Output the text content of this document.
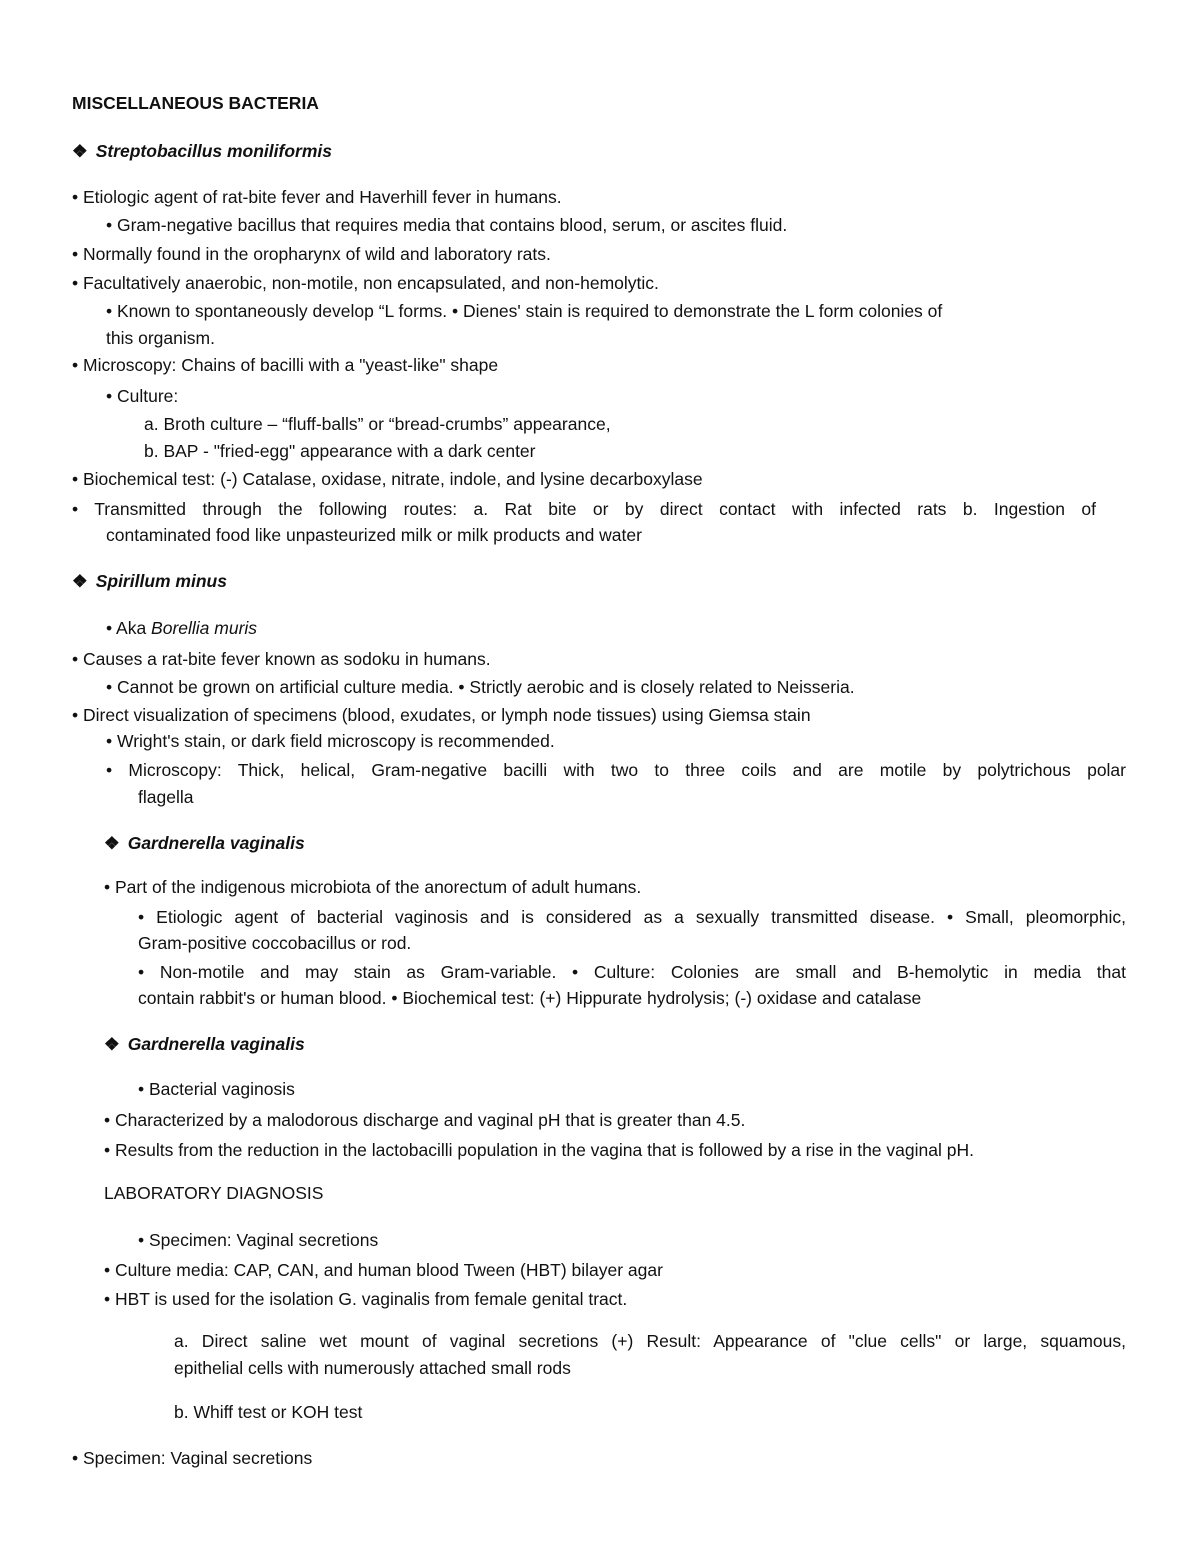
MISCELLANEOUS BACTERIA
❖ Streptobacillus moniliformis
• Etiologic agent of rat-bite fever and Haverhill fever in humans.
• Gram-negative bacillus that requires media that contains blood, serum, or ascites fluid.
• Normally found in the oropharynx of wild and laboratory rats.
• Facultatively anaerobic, non-motile, non encapsulated, and non-hemolytic.
• Known to spontaneously develop “L forms. • Dienes' stain is required to demonstrate the L form colonies of
this organism.
• Microscopy: Chains of bacilli with a "yeast-like" shape
• Culture:
a. Broth culture – “fluff-balls” or “bread-crumbs” appearance,
b. BAP - "fried-egg" appearance with a dark center
• Biochemical test: (-) Catalase, oxidase, nitrate, indole, and lysine decarboxylase
• Transmitted through the following routes: a. Rat bite or by direct contact with infected rats b. Ingestion of
contaminated food like unpasteurized milk or milk products and water
❖ Spirillum minus
• Aka Borellia muris
• Causes a rat-bite fever known as sodoku in humans.
• Cannot be grown on artificial culture media. • Strictly aerobic and is closely related to Neisseria.
• Direct visualization of specimens (blood, exudates, or lymph node tissues) using Giemsa stain
• Wright's stain, or dark field microscopy is recommended.
• Microscopy: Thick, helical, Gram-negative bacilli with two to three coils and are motile by polytrichous polar
flagella
❖ Gardnerella vaginalis
• Part of the indigenous microbiota of the anorectum of adult humans.
• Etiologic agent of bacterial vaginosis and is considered as a sexually transmitted disease. • Small, pleomorphic,
Gram-positive coccobacillus or rod.
• Non-motile and may stain as Gram-variable. • Culture: Colonies are small and B-hemolytic in media that
contain rabbit's or human blood. • Biochemical test: (+) Hippurate hydrolysis; (-) oxidase and catalase
❖ Gardnerella vaginalis
• Bacterial vaginosis
• Characterized by a malodorous discharge and vaginal pH that is greater than 4.5.
• Results from the reduction in the lactobacilli population in the vagina that is followed by a rise in the vaginal pH.
LABORATORY DIAGNOSIS
• Specimen: Vaginal secretions
• Culture media: CAP, CAN, and human blood Tween (HBT) bilayer agar
• HBT is used for the isolation G. vaginalis from female genital tract.
a. Direct saline wet mount of vaginal secretions (+) Result: Appearance of "clue cells" or large, squamous,
epithelial cells with numerously attached small rods
b. Whiff test or KOH test
• Specimen: Vaginal secretions
